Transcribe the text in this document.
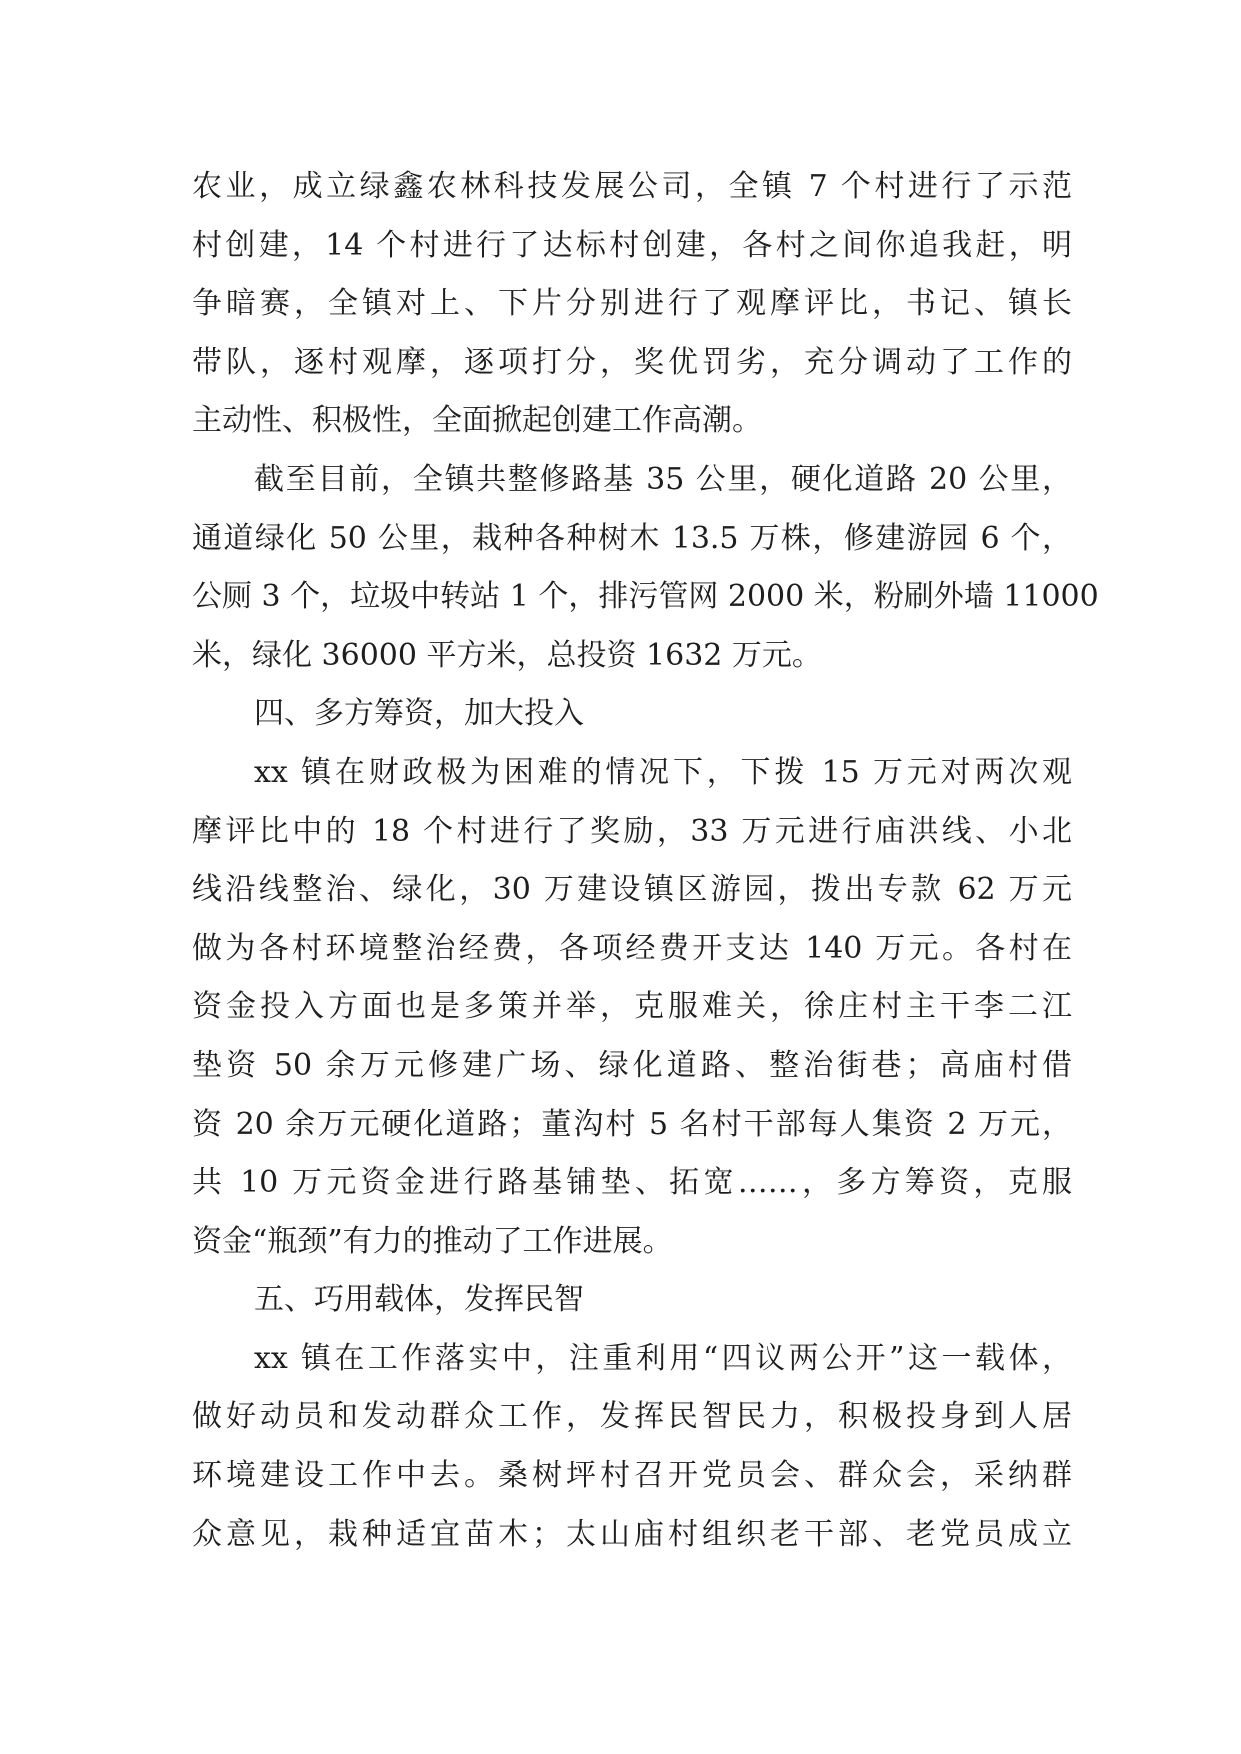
农业，成立绿鑫农林科技发展公司，全镇 7 个村进行了示范
村创建，14 个村进行了达标村创建，各村之间你追我赶，明
争暗赛，全镇对上、下片分别进行了观摩评比，书记、镇长
带队，逐村观摩，逐项打分，奖优罚劣，充分调动了工作的
主动性、积极性，全面掀起创建工作高潮。
截至目前，全镇共整修路基 35 公里，硬化道路 20 公里，
通道绿化 50 公里，栽种各种树木 13.5 万株，修建游园 6 个，
公厕 3 个，垃圾中转站 1 个，排污管网 2000 米，粉刷外墙 11000
米，绿化 36000 平方米，总投资 1632 万元。
四、多方筹资，加大投入
xx 镇在财政极为困难的情况下，下拨 15 万元对两次观
摩评比中的 18 个村进行了奖励，33 万元进行庙洪线、小北
线沿线整治、绿化，30 万建设镇区游园，拨出专款 62 万元
做为各村环境整治经费，各项经费开支达 140 万元。各村在
资金投入方面也是多策并举，克服难关，徐庄村主干李二江
垫资 50 余万元修建广场、绿化道路、整治街巷；高庙村借
资 20 余万元硬化道路；董沟村 5 名村干部每人集资 2 万元，
共 10 万元资金进行路基铺垫、拓宽……，多方筹资，克服
资金“瓶颈”有力的推动了工作进展。
五、巧用载体，发挥民智
xx 镇在工作落实中，注重利用“四议两公开”这一载体，
做好动员和发动群众工作，发挥民智民力，积极投身到人居
环境建设工作中去。桑树坪村召开党员会、群众会，采纳群
众意见，栽种适宜苗木；太山庙村组织老干部、老党员成立
